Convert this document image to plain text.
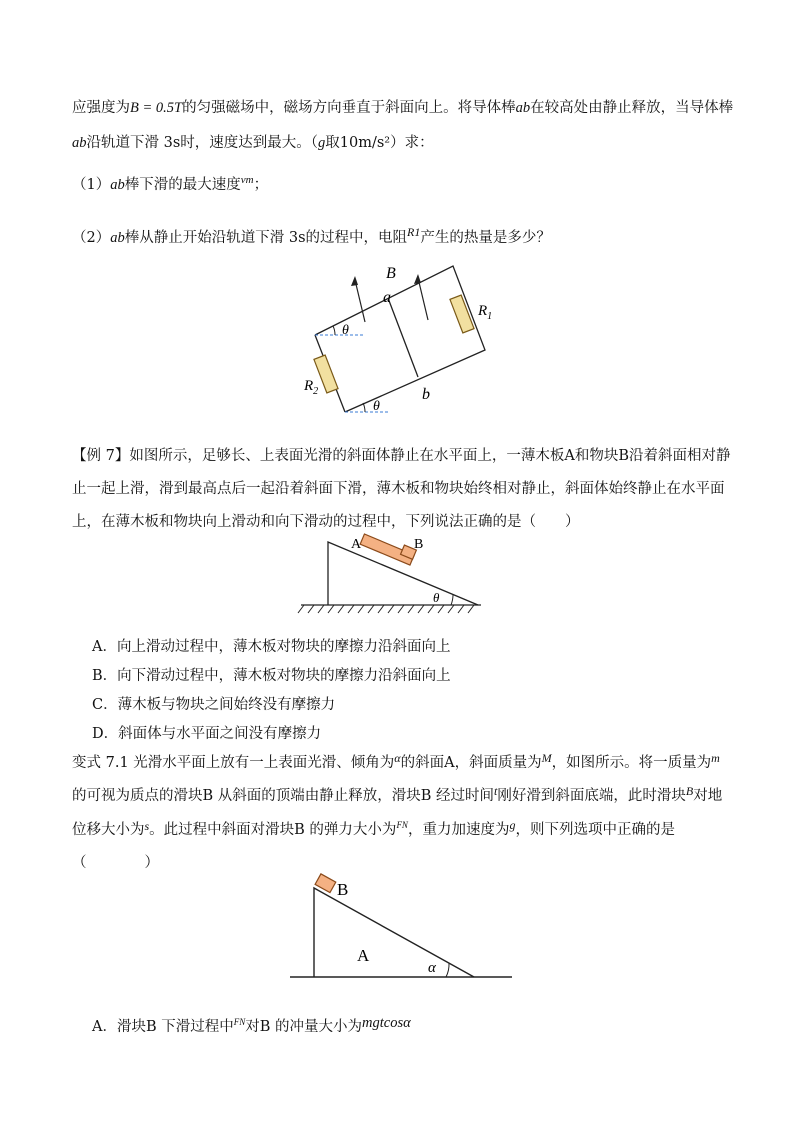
应强度为B = 0.5T的匀强磁场中，磁场方向垂直于斜面向上。将导体棒ab在较高处由静止释放，当导体棒
ab沿轨道下滑 3s时，速度达到最大。（g取10m/s²）求：
（1）ab棒下滑的最大速度$^{vm}$；
（2）ab棒从静止开始沿轨道下滑 3s的过程中，电阻$^{R1}$产生的热量是多少？
B
a
b
$R_1$
$R_2$
θ
θ
【例 7】如图所示，足够长、上表面光滑的斜面体静止在水平面上，一薄木板A和物块B沿着斜面相对静
止一起上滑，滑到最高点后一起沿着斜面下滑，薄木板和物块始终相对静止，斜面体始终静止在水平面
上，在薄木板和物块向上滑动和向下滑动的过程中，下列说法正确的是（　　）
A	B
θ
A．向上滑动过程中，薄木板对物块的摩擦力沿斜面向上
B．向下滑动过程中，薄木板对物块的摩擦力沿斜面向上
C．薄木板与物块之间始终没有摩擦力
D．斜面体与水平面之间没有摩擦力
变式 7.1 光滑水平面上放有一上表面光滑、倾角为$^\alpha$的斜面A，斜面质量为$^M$，如图所示。将一质量为$^m$
的可视为质点的滑块B 从斜面的顶端由静止释放，滑块B 经过时间$^t$刚好滑到斜面底端，此时滑块$^B$对地
位移大小为$^s$。此过程中斜面对滑块B 的弹力大小为$^{FN}$，重力加速度为$^g$，则下列选项中正确的是
（　　　　）
B
A
α
A．滑块B 下滑过程中$^{FN}$对B 的冲量大小为mgtcosα
